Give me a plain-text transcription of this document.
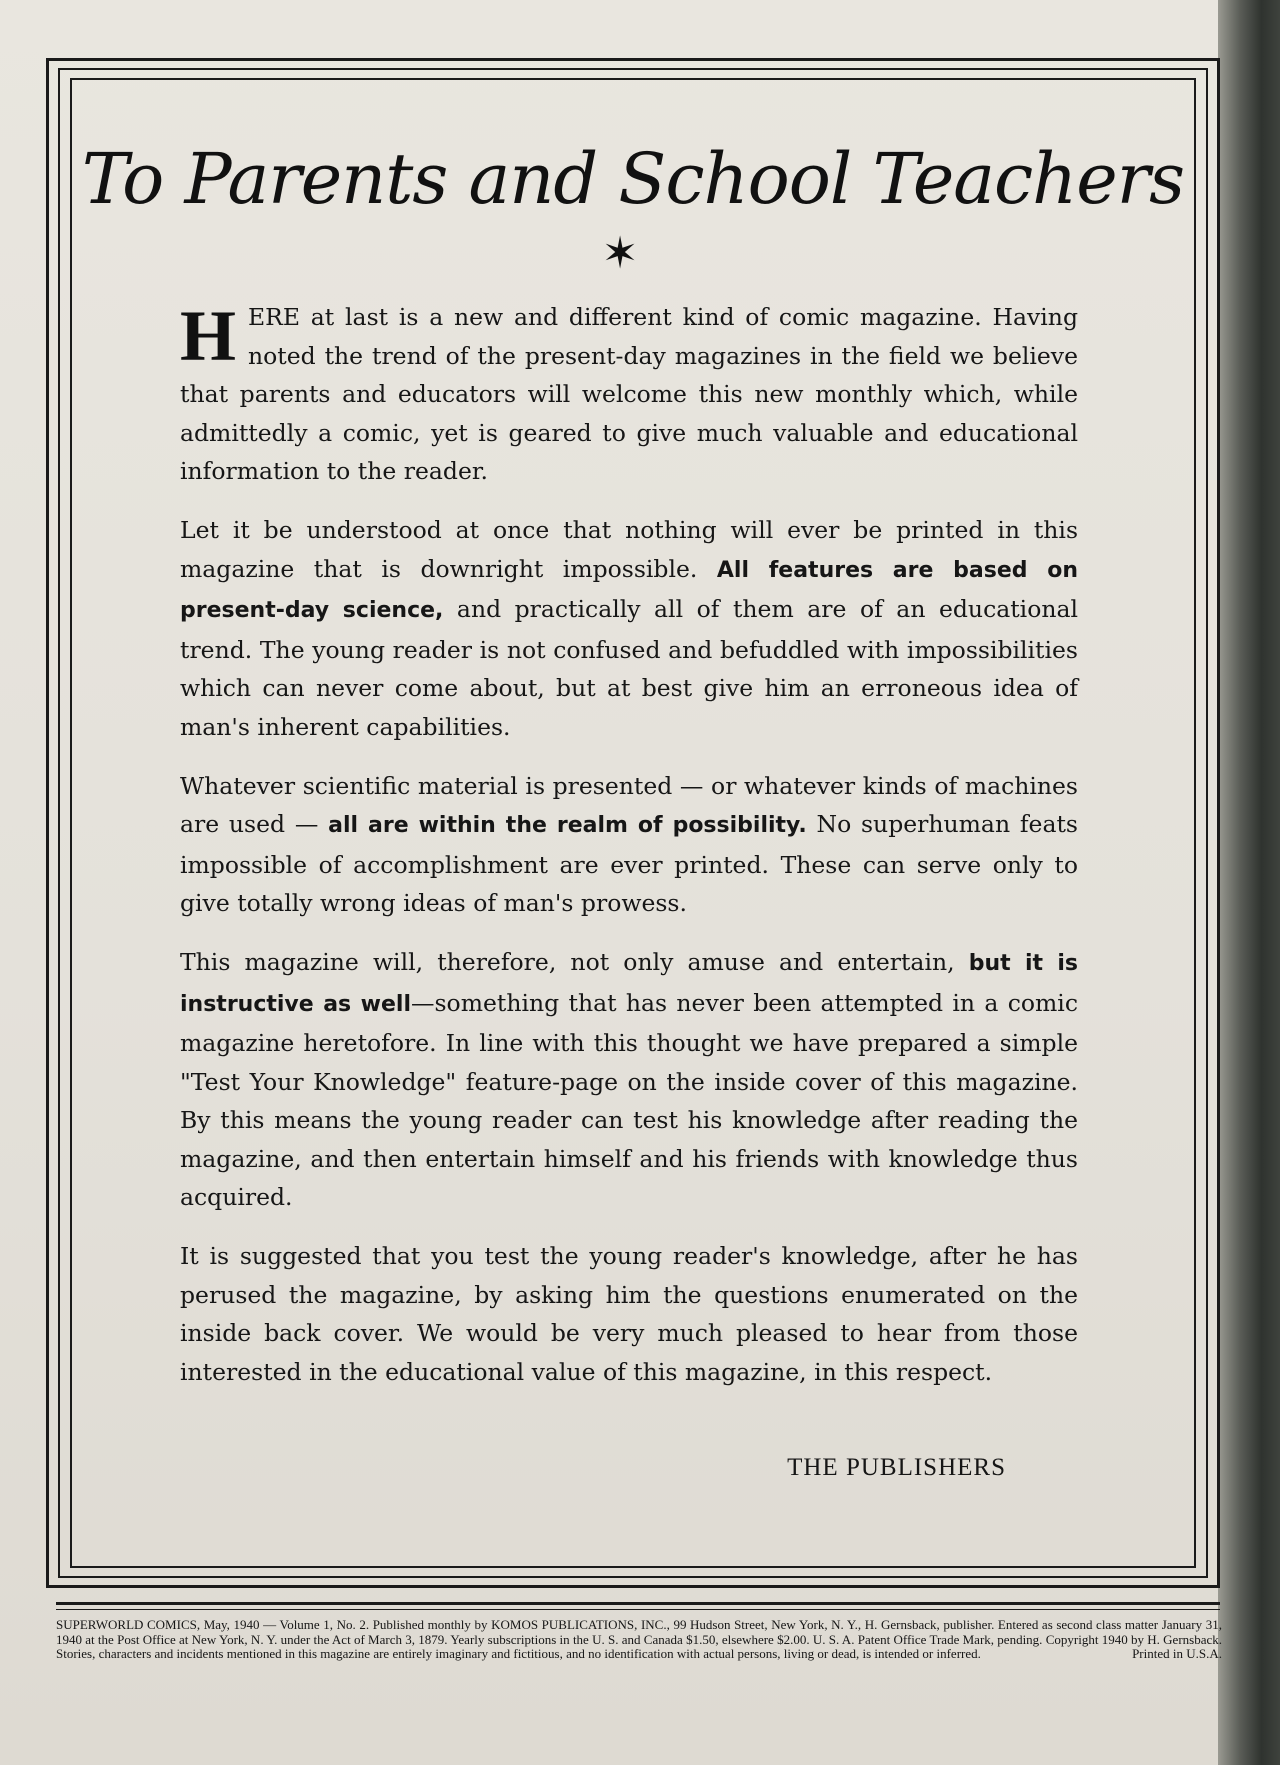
To Parents and School Teachers
✶

HERE at last is a new and different kind of comic magazine. Having noted the trend of the present-day magazines in the field we believe that parents and educators will welcome this new monthly which, while admittedly a comic, yet is geared to give much valuable and educational information to the reader.

Let it be understood at once that nothing will ever be printed in this magazine that is downright impossible. All features are based on present-day science, and practically all of them are of an educational trend. The young reader is not confused and befuddled with impossibilities which can never come about, but at best give him an erroneous idea of man's inherent capabilities.

Whatever scientific material is presented — or whatever kinds of machines are used — all are within the realm of possibility. No superhuman feats impossible of accomplishment are ever printed. These can serve only to give totally wrong ideas of man's prowess.

This magazine will, therefore, not only amuse and entertain, but it is instructive as well—something that has never been attempted in a comic magazine heretofore. In line with this thought we have prepared a simple "Test Your Knowledge" feature-page on the inside cover of this magazine. By this means the young reader can test his knowledge after reading the magazine, and then entertain himself and his friends with knowledge thus acquired.

It is suggested that you test the young reader's knowledge, after he has perused the magazine, by asking him the questions enumerated on the inside back cover. We would be very much pleased to hear from those interested in the educational value of this magazine, in this respect.

THE PUBLISHERS
SUPERWORLD COMICS, May, 1940 — Volume 1, No. 2. Published monthly by KOMOS PUBLICATIONS, INC., 99 Hudson Street, New York, N. Y., H. Gernsback, publisher. Entered as second class matter January 31, 1940 at the Post Office at New York, N. Y. under the Act of March 3, 1879. Yearly subscriptions in the U. S. and Canada $1.50, elsewhere $2.00. U. S. A. Patent Office Trade Mark, pending. Copyright 1940 by H. Gernsback. Stories, characters and incidents mentioned in this magazine are entirely imaginary and fictitious, and no identification with actual persons, living or dead, is intended or inferred.	Printed in U.S.A.
